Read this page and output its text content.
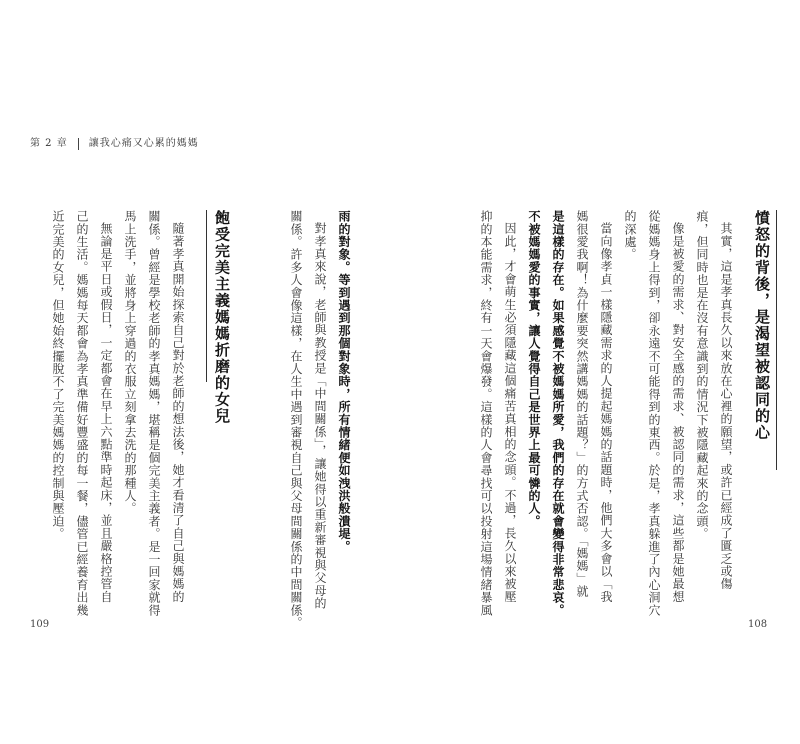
第 2 章 讓我心痛又心累的媽媽
雨的對象。等到遇到那個對象時，所有情緒便如洩洪般潰堤。
對孝真來說，老師與教授是「中間關係」，讓她得以重新審視與父母的
關係。許多人會像這樣，在人生中遇到審視自己與父母間關係的中間關係。
飽受完美主義媽媽折磨的女兒
隨著孝真開始探索自己對於老師的想法後，她才看清了自己與媽媽的
關係。曾經是學校老師的孝真媽媽，堪稱是個完美主義者。是一回家就得
馬上洗手，並將身上穿過的衣服立刻拿去洗的那種人。
無論是平日或假日，一定都會在早上六點準時起床，並且嚴格控管自
己的生活。媽媽每天都會為孝真準備好豐盛的每一餐，儘管已經養育出幾
近完美的女兒，但她始終擺脫不了完美媽媽的控制與壓迫。
109
憤怒的背後，是渴望被認同的心
其實，這是孝真長久以來放在心裡的願望，或許已經成了匱乏或傷
痕，但同時也是在沒有意識到的情況下被隱藏起來的念頭。
像是被愛的需求、對安全感的需求、被認同的需求，這些都是她最想
從媽媽身上得到，卻永遠不可能得到的東西。於是，孝真躲進了內心洞穴
的深處。
當向像孝貞一樣隱藏需求的人提起媽媽的話題時，他們大多會以「我
媽很愛我啊！為什麼要突然講媽媽的話題？」的方式否認。「媽媽」就
是這樣的存在。如果感覺不被媽媽所愛，我們的存在就會變得非常悲哀。
不被媽媽愛的事實，讓人覺得自己是世界上最可憐的人。
因此，才會萌生必須隱藏這個痛苦真相的念頭。不過，長久以來被壓
抑的本能需求，終有一天會爆發。這樣的人會尋找可以投射這場情緒暴風
108
